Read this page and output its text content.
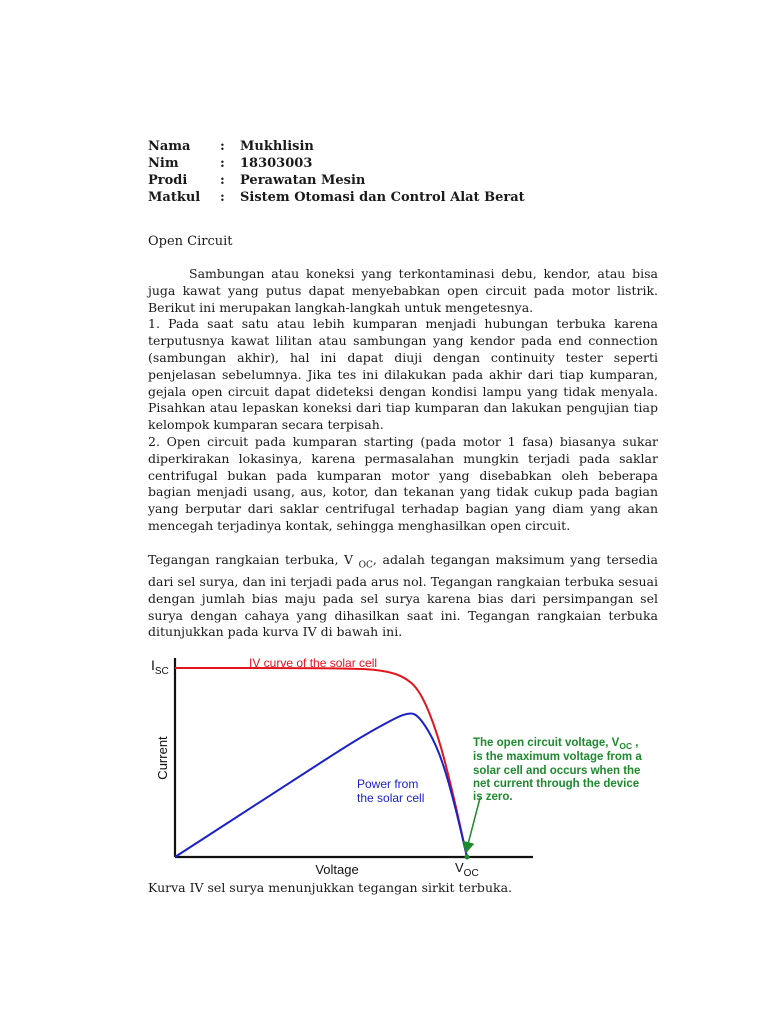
Nama : Mukhlisin
Nim	: 18303003
Prodi	: Perawatan Mesin
Matkul : Sistem Otomasi dan Control Alat Berat
Open Circuit

Sambungan atau koneksi yang terkontaminasi debu, kendor, atau bisa juga kawat yang putus dapat menyebabkan open circuit pada motor listrik. Berikut ini merupakan langkah-langkah untuk mengetesnya.

1. Pada saat satu atau lebih kumparan menjadi hubungan terbuka karena terputusnya kawat lilitan atau sambungan yang kendor pada end connection (sambungan akhir), hal ini dapat diuji dengan continuity tester seperti penjelasan sebelumnya. Jika tes ini dilakukan pada akhir dari tiap kumparan, gejala open circuit dapat dideteksi dengan kondisi lampu yang tidak menyala. Pisahkan atau lepaskan koneksi dari tiap kumparan dan lakukan pengujian tiap kelompok kumparan secara terpisah.

2. Open circuit pada kumparan starting (pada motor 1 fasa) biasanya sukar diperkirakan lokasinya, karena permasalahan mungkin terjadi pada saklar centrifugal bukan pada kumparan motor yang disebabkan oleh beberapa bagian menjadi usang, aus, kotor, dan tekanan yang tidak cukup pada bagian yang berputar dari saklar centrifugal terhadap bagian yang diam yang akan mencegah terjadinya kontak, sehingga menghasilkan open circuit.

Tegangan rangkaian terbuka, V $_{OC}$, adalah tegangan maksimum yang tersedia dari sel surya, dan ini terjadi pada arus nol. Tegangan rangkaian terbuka sesuai dengan jumlah bias maju pada sel surya karena bias dari persimpangan sel surya dengan cahaya yang dihasilkan saat ini. Tegangan rangkaian terbuka ditunjukkan pada kurva IV di bawah ini.

$I_{SC}$
Current
Voltage	$V_{OC}$
IV curve of the solar cell
Power from
the solar cell
The open circuit voltage, $V_{OC}$ ,
is the maximum voltage from a
solar cell and occurs when the
net current through the device
is zero.
Kurva IV sel surya menunjukkan tegangan sirkit terbuka.
